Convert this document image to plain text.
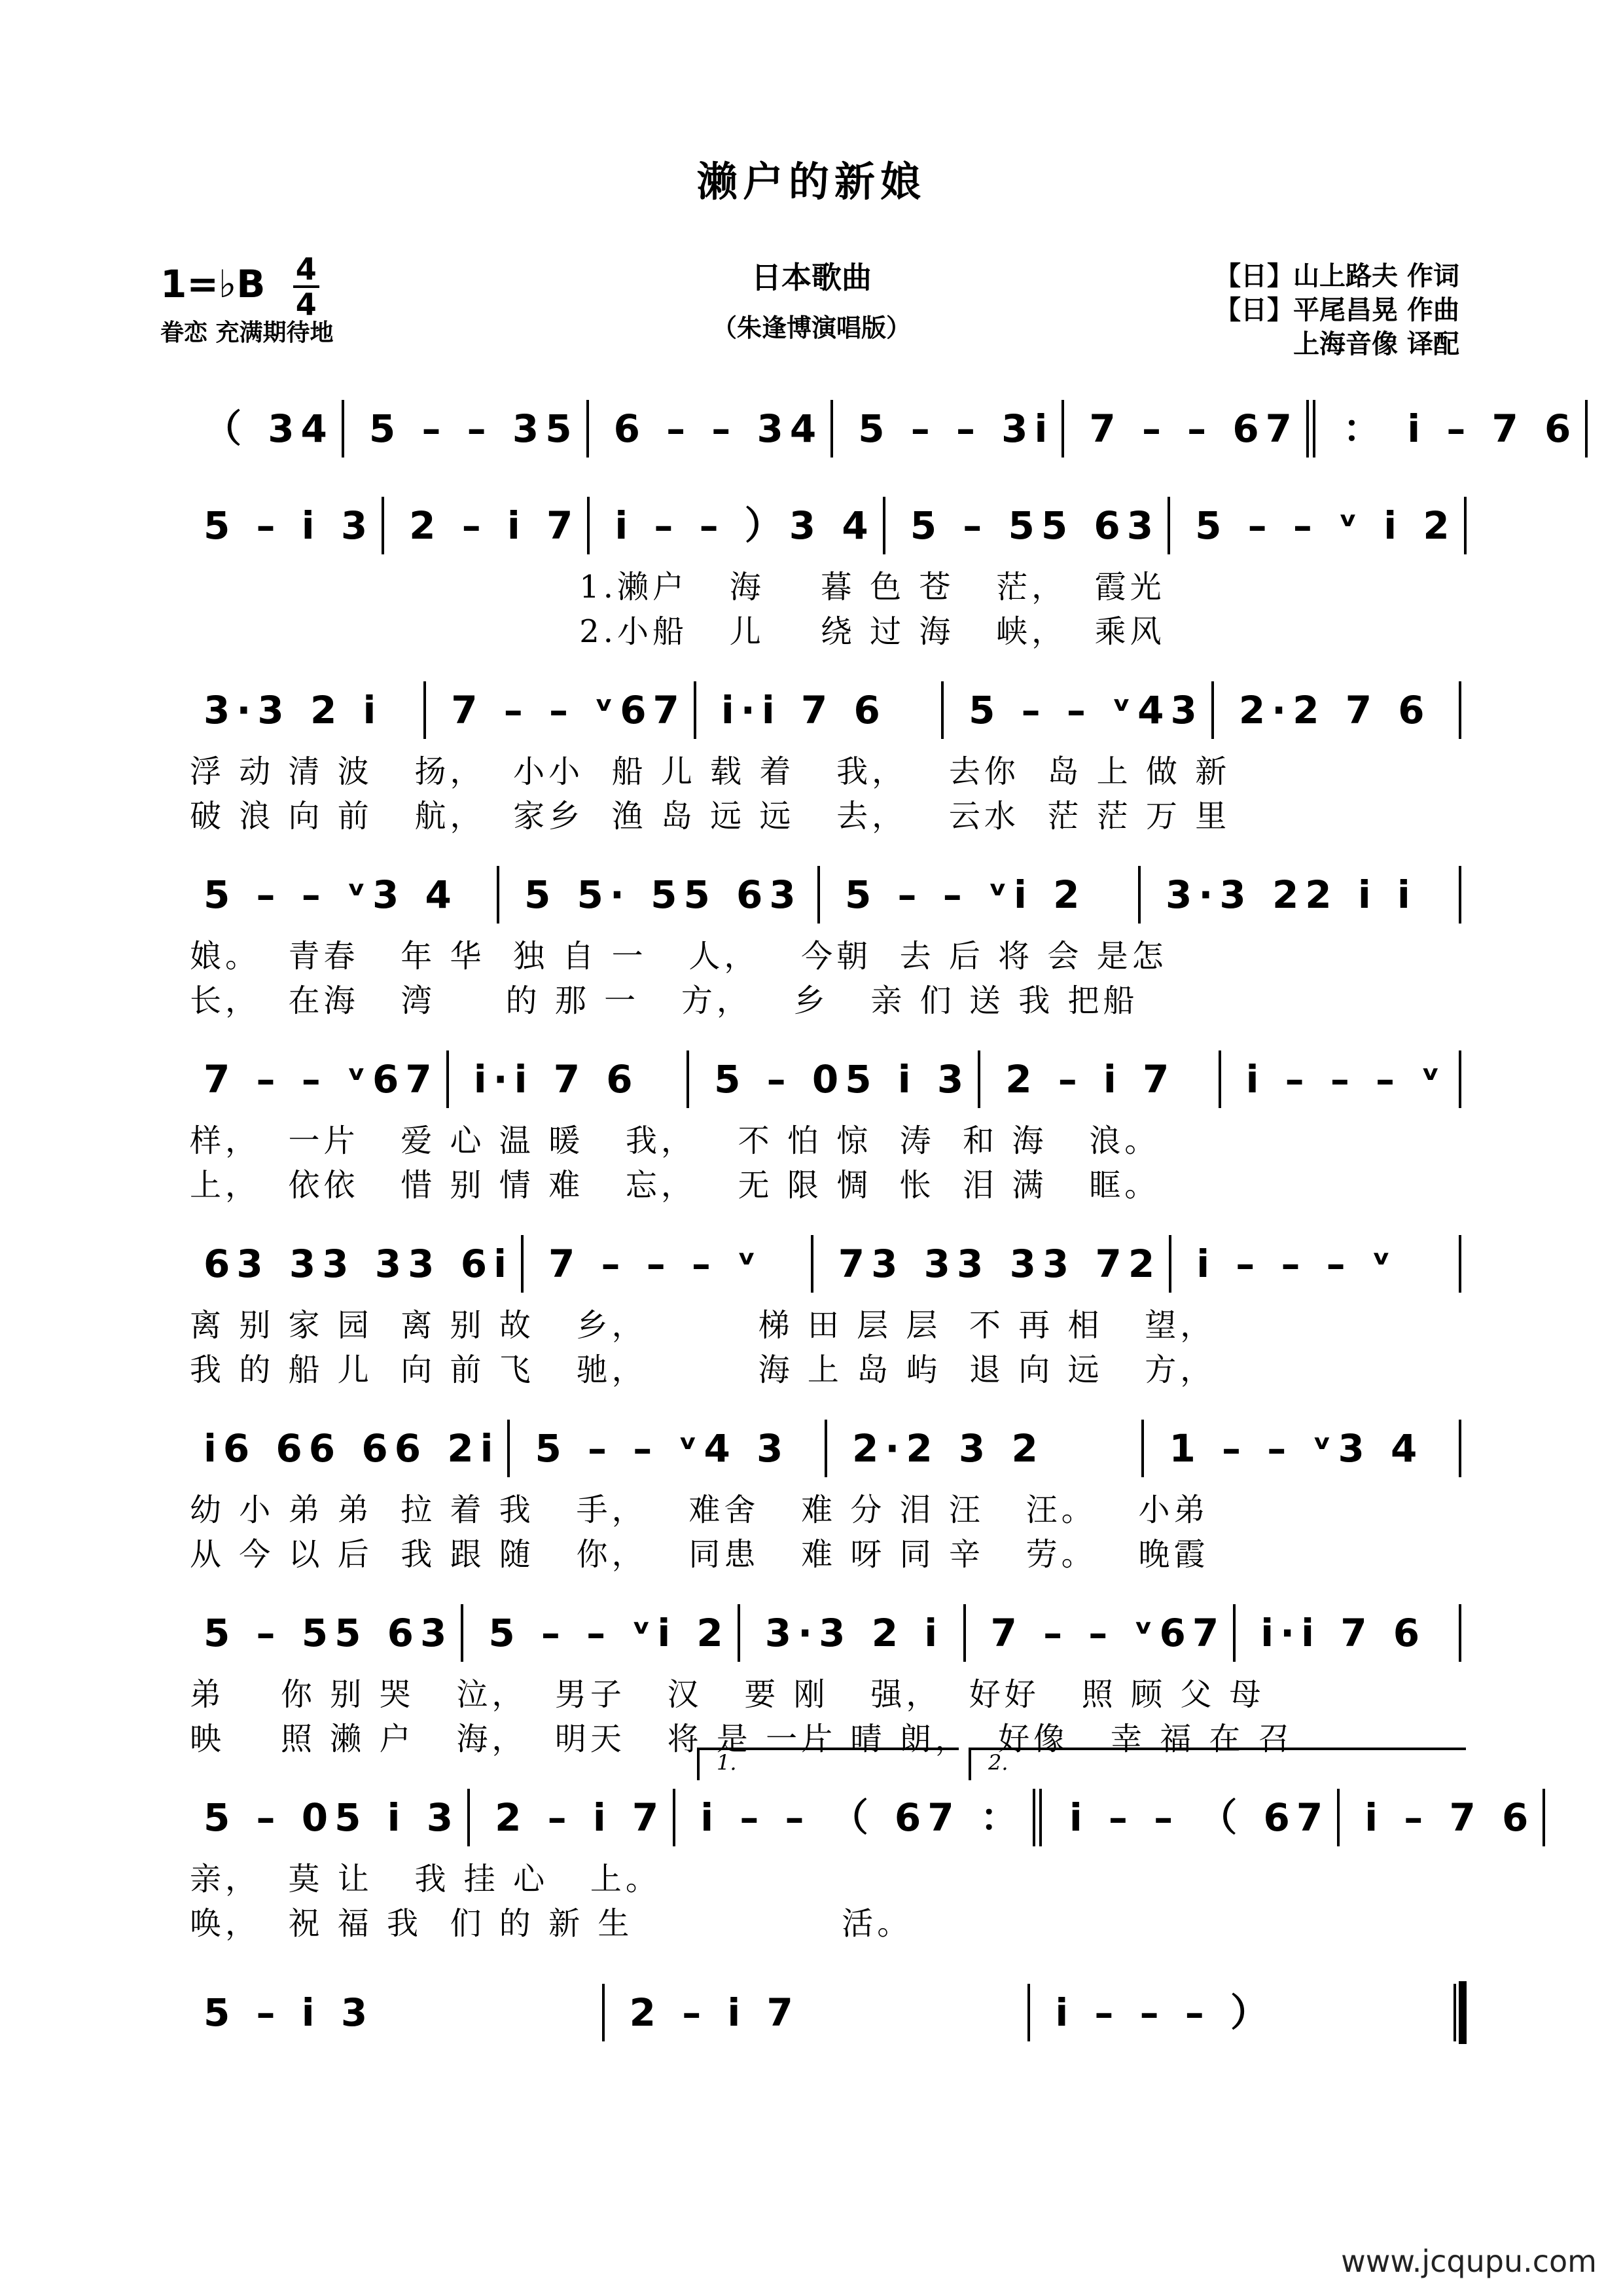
濑户的新娘
1=♭B $\frac{4}{4}$
眷恋 充满期待地
日本歌曲
（朱逢博演唱版）
【日】山上路夫 作词
【日】平尾昌晃 作曲
上海音像 译配
（ 34 5 – – 35 6 – – 34 5 – – 3i 7 – – 67	： i – 7 6
5 – i 3 2 – i 7 i – – ）3 4 5 – 55 63 5 – – ᵛ i 2
1.濑户   海    暮 色 苍   茫，  霞光
2.小船   儿    绕 过 海   峡，  乘风
3·3 2 i	7 – – ᵛ67 i·i 7 6	5 – – ᵛ43 2·2 7 6
浮 动 清 波   扬，  小小  船 儿 载 着   我，   去你  岛 上 做 新
破 浪 向 前   航，  家乡  渔 岛 远 远   去，   云水  茫 茫 万 里
5 – – ᵛ3 4	5 5· 55 63	5 – – ᵛi 2	3·3 22 i i
娘。  青春   年 华  独 自 一   人，   今朝  去 后 将 会 是怎
长，  在海   湾     的 那 一   方，   乡   亲 们 送 我 把船
7 – – ᵛ67 i·i 7 6	5 – 05 i 3 2 – i 7	i – – – ᵛ
样，  一片   爱 心 温 暖   我，   不 怕 惊  涛  和 海   浪。
上，  依依   惜 别 情 难   忘，   无 限 惆  怅  泪 满   眶。
63 33 33 6i 7 – – – ᵛ	73 33 33 72 i – – – ᵛ
离 别 家 园  离 别 故   乡，        梯 田 层 层  不 再 相   望，
我 的 船 儿  向 前 飞   驰，        海 上 岛 屿  退 向 远   方，
i6 66 66 2i 5 – – ᵛ4 3	2·2 3 2	1 – – ᵛ3 4
幼 小 弟 弟  拉 着 我   手，   难舍   难 分 泪 汪   汪。   小弟
从 今 以 后  我 跟 随   你，   同患   难 呀 同 辛   劳。   晚霞
5 – 55 63 5 – – ᵛi 2 3·3 2 i	7 – – ᵛ67 i·i 7 6
弟    你 别 哭   泣，  男子   汉   要 刚   强，  好好   照 顾 父 母
映    照 濑 户   海，  明天   将 是 一片 晴 朗，  好像   幸 福 在 召
5 – 05 i 3 2 – i 7 i – – （ 67 ：	i – – （ 67 i – 7 6
亲，  莫 让   我 挂 心   上。
唤，  祝 福 我  们 的 新 生               活。
5 – i 3	2 – i 7	i – – – ）
1.	2.
www.jcqupu.com
